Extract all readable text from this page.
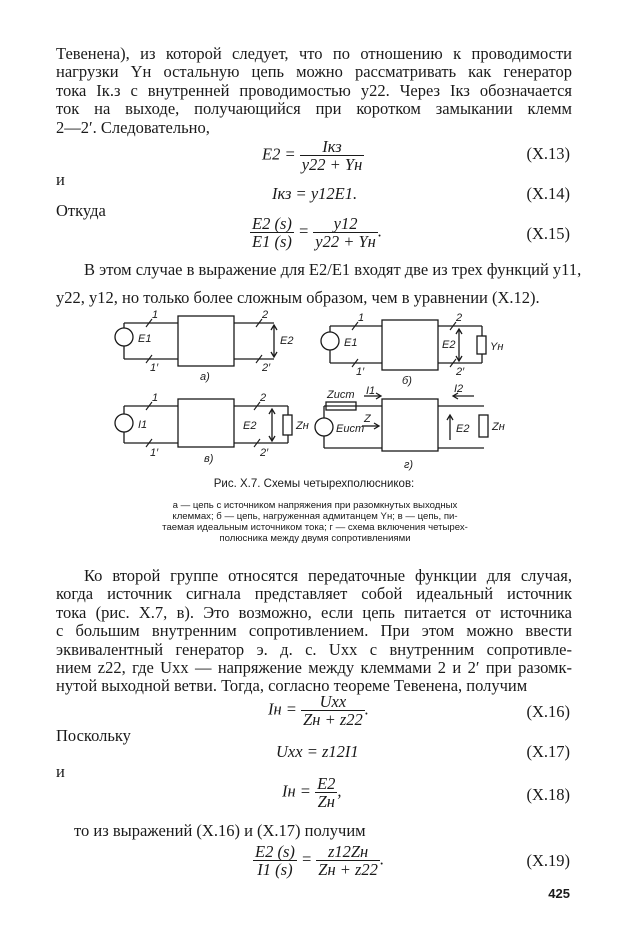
Тевенена), из которой следует, что по отношению к проводимости
нагрузки Yн остальную цепь можно рассматривать как генератор
тока Iк.з с внутренней проводимостью y22. Через Iкз обозначается
ток на выходе, получающийся при коротком замыкании клемм
2—2′. Следовательно,
$E2 = \frac{\text{Iкз}}{y22 + Yн}$	(X.13)
и
Iкз = y12E1.	(X.14)
Откуда
$\frac{E2 (s)}{E1 (s)} = \frac{y12}{y22 + Yн}$ .	(X.15)
В этом случае в выражение для E2/E1 входят две из трех функций y11,
y22, y12, но только более сложным образом, чем в уравнении (X.12).
E1
1
1′
2
2′
E2
а)
E1
1
1′
2
2′
E2	Yн
б)
I1
1
1′
2
2′
E2	Zн
в)
Zист I1	I2
Eист
Z
E2 Zн
г)
Рис. X.7. Схемы четырехполюсников:
а — цепь с источником напряжения при разомкнутых выходных
клеммах; б — цепь, нагруженная адмитанцем Yн; в — цепь, пи-
таемая идеальным источником тока; г — схема включения четырех-
полюсника между двумя сопротивлениями
Ко второй группе относятся передаточные функции для случая,
когда источник сигнала представляет собой идеальный источник
тока (рис. X.7, в). Это возможно, если цепь питается от источника
с большим внутренним сопротивлением. При этом можно ввести
эквивалентный генератор э. д. с. Uxx с внутренним сопротивле-
нием z22, где Uxx — напряжение между клеммами 2 и 2′ при разомк-
нутой выходной ветви. Тогда, согласно теореме Тевенена, получим
Iн = $\frac{\text{Uxx}}{Zн + z22}$ .	(X.16)
Поскольку
Uxx = z12I1	(X.17)
и
Iн = $\frac{E2}{Zн}$ ,	(X.18)
то из выражений (X.16) и (X.17) получим
$\frac{E2 (s)}{I1 (s)} = \frac{z12Zн}{Zн + z22}$ .	(X.19)
425
